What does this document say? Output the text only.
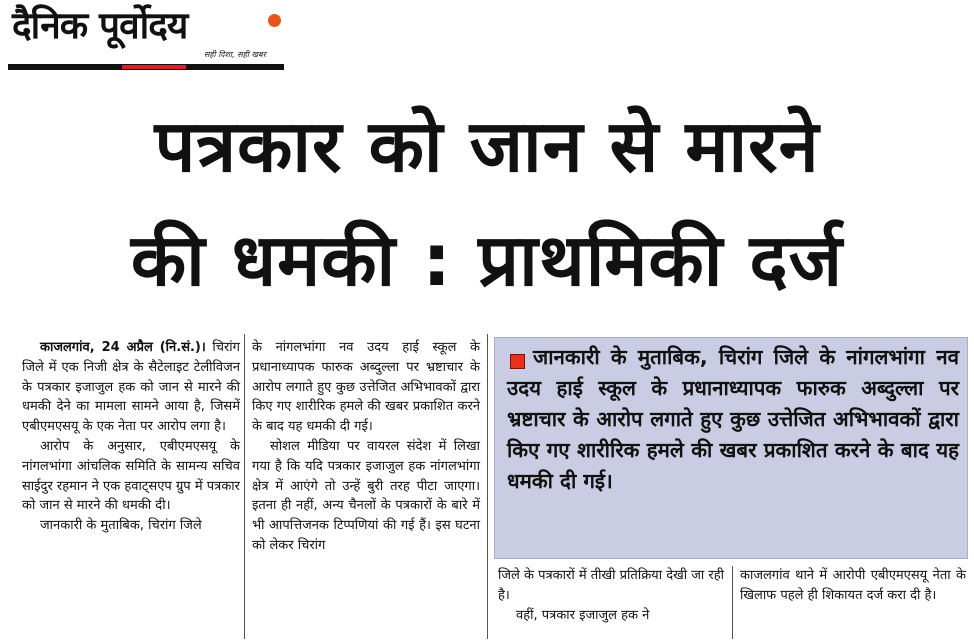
दैनिक पूर्वोदय
सही दिशा, सही खबर
पत्रकार को जान से मारने
की धमकी : प्राथमिकी दर्ज

काजलगांव, 24 अप्रैल (नि.सं.)। चिरांग जिले में एक निजी क्षेत्र के सैटेलाइट टेलीविजन के पत्रकार इजाजुल हक को जान से मारने की धमकी देने का मामला सामने आया है, जिसमें एबीएमएसयू के एक नेता पर आरोप लगा है।

आरोप के अनुसार, एबीएमएसयू के नांगलभांगा आंचलिक समिति के सामन्य सचिव साईदुर रहमान ने एक हवाट्सएप ग्रुप में पत्रकार को जान से मारने की धमकी दी।

जानकारी के मुताबिक, चिरांग जिले

के नांगलभांगा नव उदय हाई स्कूल के प्रधानाध्यापक फारुक अब्दुल्ला पर भ्रष्टाचार के आरोप लगाते हुए कुछ उत्तेजित अभिभावकों द्वारा किए गए शारीरिक हमले की खबर प्रकाशित करने के बाद यह धमकी दी गई।

सोशल मीडिया पर वायरल संदेश में लिखा गया है कि यदि पत्रकार इजाजुल हक नांगलभांगा क्षेत्र में आएंगे तो उन्हें बुरी तरह पीटा जाएगा। इतना ही नहीं, अन्य चैनलों के पत्रकारों के बारे में भी आपत्तिजनक टिप्पणियां की गई हैं। इस घटना को लेकर चिरांग

जानकारी के मुताबिक, चिरांग जिले के नांगलभांगा नव उदय हाई स्कूल के प्रधानाध्यापक फारुक अब्दुल्ला पर भ्रष्टाचार के आरोप लगाते हुए कुछ उत्तेजित अभिभावकों द्वारा किए गए शारीरिक हमले की खबर प्रकाशित करने के बाद यह धमकी दी गई।

जिले के पत्रकारों में तीखी प्रतिक्रिया देखी जा रही है।

वहीं, पत्रकार इजाजुल हक ने

काजलगांव थाने में आरोपी एबीएमएसयू नेता के खिलाफ पहले ही शिकायत दर्ज करा दी है।
